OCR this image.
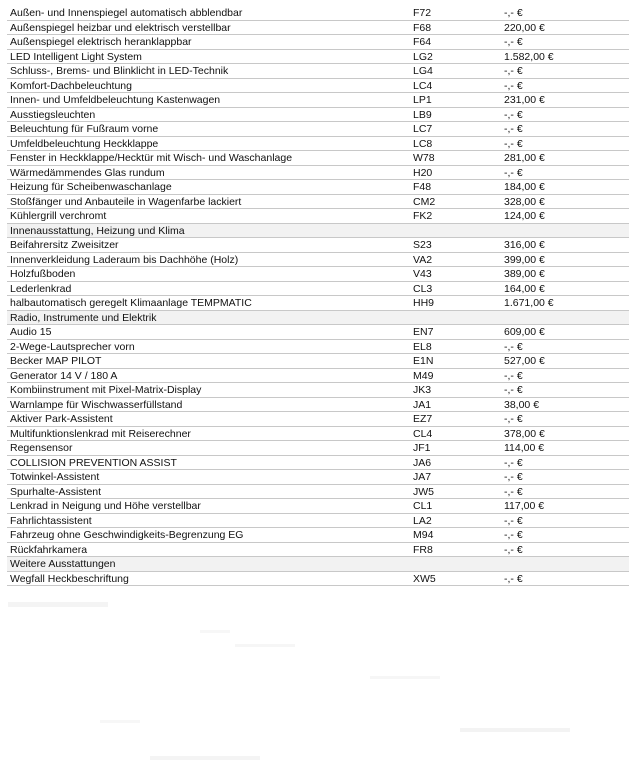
Außen- und Innenspiegel automatisch abblendbar	F72	-,- €
Außenspiegel heizbar und elektrisch verstellbar	F68	220,00 €
Außenspiegel elektrisch heranklappbar	F64	-,- €
LED Intelligent Light System	LG2	1.582,00 €
Schluss-, Brems- und Blinklicht in LED-Technik	LG4	-,- €
Komfort-Dachbeleuchtung	LC4	-,- €
Innen- und Umfeldbeleuchtung Kastenwagen	LP1	231,00 €
Ausstiegsleuchten	LB9	-,- €
Beleuchtung für Fußraum vorne	LC7	-,- €
Umfeldbeleuchtung Heckklappe	LC8	-,- €
Fenster in Heckklappe/Hecktür mit Wisch- und Waschanlage	W78	281,00 €
Wärmedämmendes Glas rundum	H20	-,- €
Heizung für Scheibenwaschanlage	F48	184,00 €
Stoßfänger und Anbauteile in Wagenfarbe lackiert	CM2	328,00 €
Kühlergrill verchromt	FK2	124,00 €
Innenausstattung, Heizung und Klima
Beifahrersitz Zweisitzer	S23	316,00 €
Innenverkleidung Laderaum bis Dachhöhe (Holz)	VA2	399,00 €
Holzfußboden	V43	389,00 €
Lederlenkrad	CL3	164,00 €
halbautomatisch geregelt Klimaanlage TEMPMATIC	HH9	1.671,00 €
Radio, Instrumente und Elektrik
Audio 15	EN7	609,00 €
2-Wege-Lautsprecher vorn	EL8	-,- €
Becker MAP PILOT	E1N	527,00 €
Generator 14 V / 180 A	M49	-,- €
Kombiinstrument mit Pixel-Matrix-Display	JK3	-,- €
Warnlampe für Wischwasserfüllstand	JA1	38,00 €
Aktiver Park-Assistent	EZ7	-,- €
Multifunktionslenkrad mit Reiserechner	CL4	378,00 €
Regensensor	JF1	114,00 €
COLLISION PREVENTION ASSIST	JA6	-,- €
Totwinkel-Assistent	JA7	-,- €
Spurhalte-Assistent	JW5	-,- €
Lenkrad in Neigung und Höhe verstellbar	CL1	117,00 €
Fahrlichtassistent	LA2	-,- €
Fahrzeug ohne Geschwindigkeits-Begrenzung EG	M94	-,- €
Rückfahrkamera	FR8	-,- €
Weitere Ausstattungen
Wegfall Heckbeschriftung	XW5	-,- €
